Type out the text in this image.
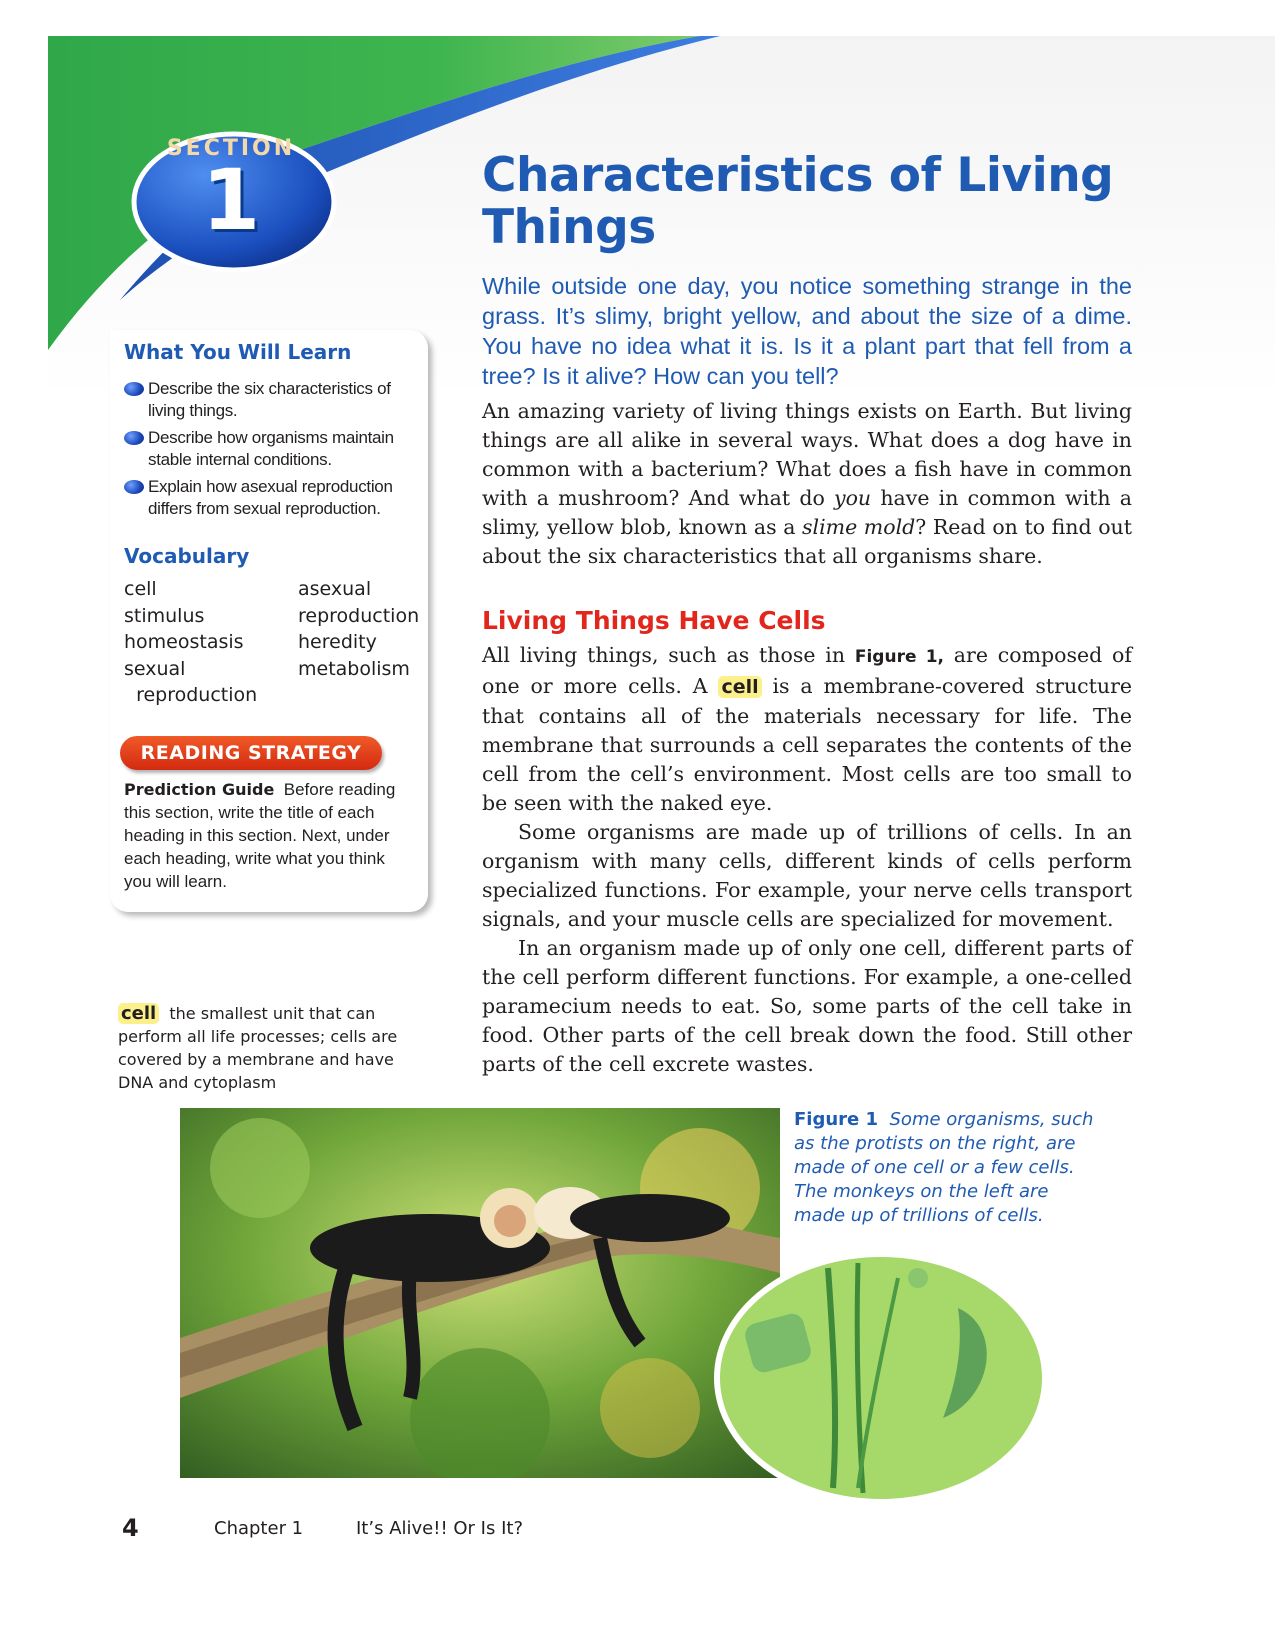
SECTION
1	Characteristics of Living Things

While outside one day, you notice something strange in the grass. It’s slimy, bright yellow, and about the size of a dime. You have no idea what it is. Is it a plant part that fell from a tree? Is it alive? How can you tell?

An amazing variety of living things exists on Earth. But living things are all alike in several ways. What does a dog have in common with a bacterium? What does a fish have in common with a mushroom? And what do you have in common with a slimy, yellow blob, known as a slime mold? Read on to find out about the six characteristics that all organisms share.

Living Things Have Cells

All living things, such as those in Figure 1, are composed of one or more cells. A cell is a membrane-covered structure that contains all of the materials necessary for life. The membrane that surrounds a cell separates the contents of the cell from the cell’s environment. Most cells are too small to be seen with the naked eye.

Some organisms are made up of trillions of cells. In an organism with many cells, different kinds of cells perform specialized functions. For example, your nerve cells transport signals, and your muscle cells are specialized for movement.

In an organism made up of only one cell, different parts of the cell perform different functions. For example, a one-celled paramecium needs to eat. So, some parts of the cell take in food. Other parts of the cell break down the food. Still other parts of the cell excrete wastes.

What You Will Learn
Describe the six characteristics of living things.
Describe how organisms maintain stable internal conditions.
Explain how asexual reproduction differs from sexual reproduction.
Vocabulary
cell
stimulus
homeostasis
sexual
reproduction
asexual
reproduction
heredity
metabolism
READING STRATEGY

Prediction Guide Before reading this section, write the title of each heading in this section. Next, under each heading, write what you think you will learn.

cell the smallest unit that can perform all life processes; cells are covered by a membrane and have DNA and cytoplasm

Figure 1 Some organisms, such as the protists on the right, are made of one cell or a few cells. The monkeys on the left are made up of trillions of cells.

4	Chapter 1	It’s Alive!! Or Is It?
